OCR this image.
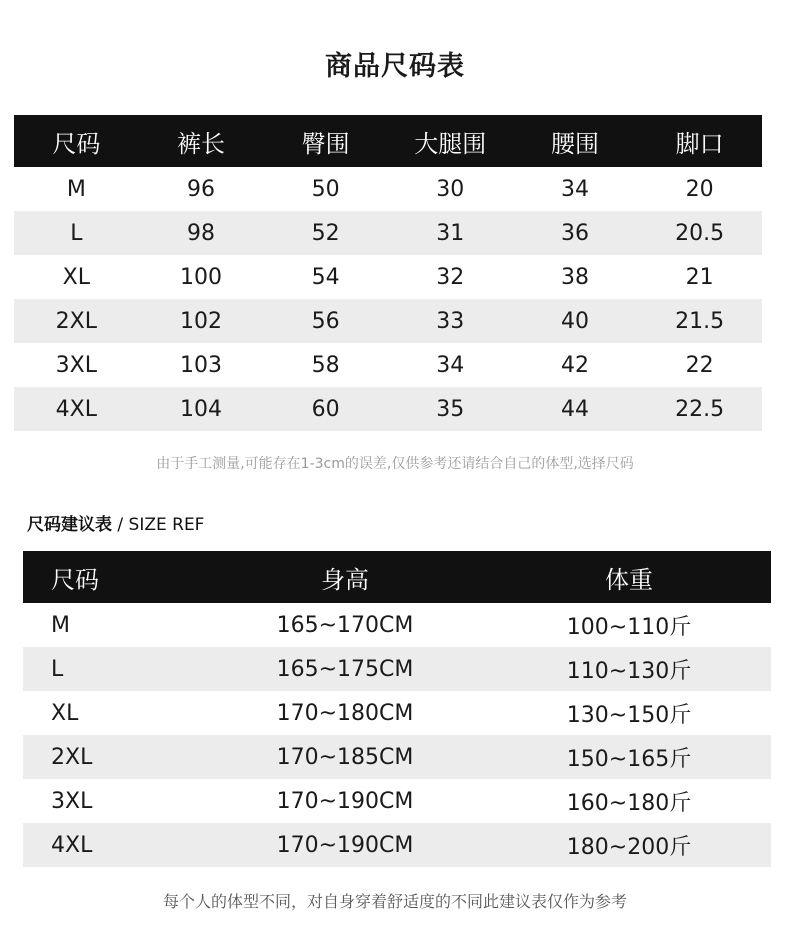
商品尺码表
尺码	裤长	臀围	大腿围	腰围	脚口
M	96	50	30	34	20
L	98	52	31	36	20.5
XL	100	54	32	38	21
2XL	102	56	33	40	21.5
3XL	103	58	34	42	22
4XL	104	60	35	44	22.5
由于手工测量,可能存在1-3cm的误差,仅供参考还请结合自己的体型,选择尺码
尺码建议表 / SIZE REF
尺码	身高	体重
M	165~170CM	100~110斤
L	165~175CM	110~130斤
XL	170~180CM	130~150斤
2XL	170~185CM	150~165斤
3XL	170~190CM	160~180斤
4XL	170~190CM	180~200斤
每个人的体型不同，对自身穿着舒适度的不同此建议表仅作为参考
